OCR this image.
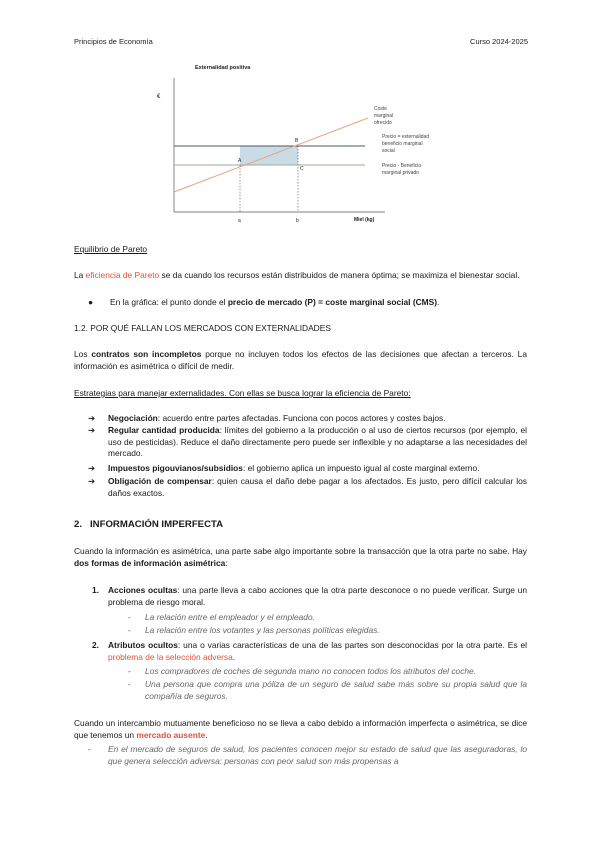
Principios de Economía	Curso 2024-2025
Externalidad positiva
€
A
B
C
a	b	Miel (kg)
Coste marginal ofrecido
Precio = externalidad beneficio marginal social
Precio - Beneficio marginal privado
Equilibrio de Pareto
La eficiencia de Pareto se da cuando los recursos están distribuidos de manera óptima; se maximiza el bienestar social.
● En la gráfica: el punto donde el precio de mercado (P) = coste marginal social (CMS).
1.2. POR QUÉ FALLAN LOS MERCADOS CON EXTERNALIDADES
Los contratos son incompletos porque no incluyen todos los efectos de las decisiones que afectan a terceros. La información es asimétrica o difícil de medir.
Estrategias para manejar externalidades. Con ellas se busca lograr la eficiencia de Pareto:
➔ Negociación: acuerdo entre partes afectadas. Funciona con pocos actores y costes bajos.
➔ Regular cantidad producida: límites del gobierno a la producción o al uso de ciertos recursos (por ejemplo, el uso de pesticidas). Reduce el daño directamente pero puede ser inflexible y no adaptarse a las necesidades del mercado.
➔ Impuestos pigouvianos/subsidios: el gobierno aplica un impuesto igual al coste marginal externo.
➔ Obligación de compensar: quien causa el daño debe pagar a los afectados. Es justo, pero difícil calcular los daños exactos.
2. INFORMACIÓN IMPERFECTA
Cuando la información es asimétrica, una parte sabe algo importante sobre la transacción que la otra parte no sabe. Hay dos formas de información asimétrica:
1. Acciones ocultas: una parte lleva a cabo acciones que la otra parte desconoce o no puede verificar. Surge un problema de riesgo moral.
- La relación entre el empleador y el empleado.
- La relación entre los votantes y las personas políticas elegidas.
2. Atributos ocultos: una o varias características de una de las partes son desconocidas por la otra parte. Es el problema de la selección adversa.
- Los compradores de coches de segunda mano no conocen todos los atributos del coche.
- Una persona que compra una póliza de un seguro de salud sabe más sobre su propia salud que la compañía de seguros.
Cuando un intercambio mutuamente beneficioso no se lleva a cabo debido a información imperfecta o asimétrica, se dice que tenemos un mercado ausente.
- En el mercado de seguros de salud, los pacientes conocen mejor su estado de salud que las aseguradoras, lo que genera selección adversa: personas con peor salud son más propensas a
